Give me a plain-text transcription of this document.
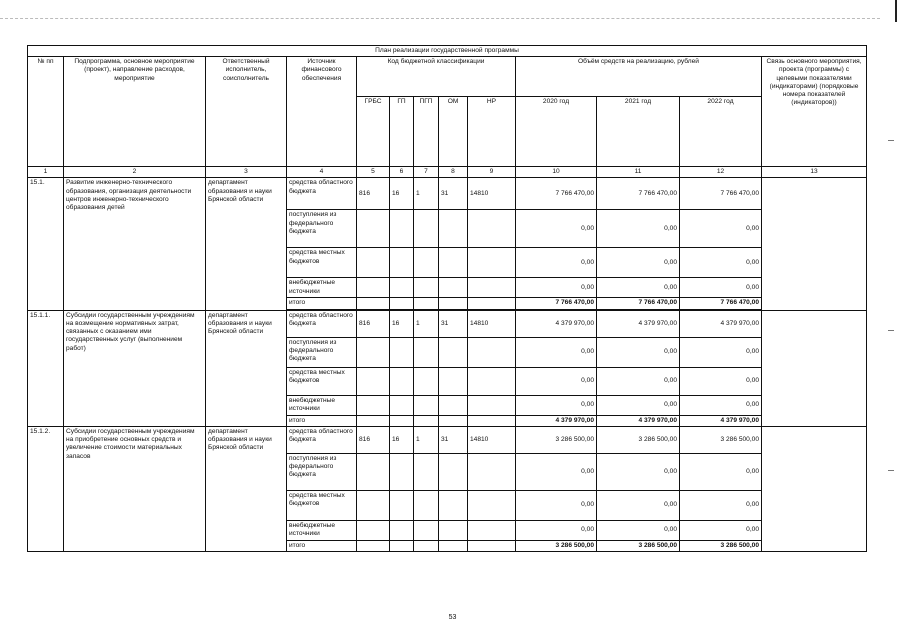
План реализации государственной программы												
№ пп	Подпрограмма, основное мероприятие (проект), направление расходов, мероприятие	Ответственный исполнитель, соисполнитель	Источник финансового обеспечения	Код бюджетной классификации					Объём средств на реализацию, рублей			Связь основного мероприятия, проекта (программы) с целевыми показателями (индикаторами) (порядковые номера показателей (индикаторов))
				ГРБС	ГП	ПГП	ОМ	НР	2020 год	2021 год	2022 год	
1	2	3	4	5	6	7	8	9	10	11	12	13
15.1.	Развитие инженерно-технического образования, организация деятельности центров инженерно-технического образования детей	департамент образования и науки Брянской области	средства областного бюджета	816	16	1	31	14810	7 766 470,00	7 766 470,00	7 766 470,00	
			поступления из федерального бюджета						0,00	0,00	0,00	
			средства местных бюджетов						0,00	0,00	0,00	
			внебюджетные источники						0,00	0,00	0,00	
			итого						7 766 470,00	7 766 470,00	7 766 470,00	

15.1.1.	Субсидии государственным учреждениям на возмещение нормативных затрат, связанных с оказанием ими государственных услуг (выполнением работ)	департамент образования и науки Брянской области	средства областного бюджета	816	16	1	31	14810	4 379 970,00	4 379 970,00	4 379 970,00	
			поступления из федерального бюджета						0,00	0,00	0,00	
			средства местных бюджетов						0,00	0,00	0,00	
			внебюджетные источники						0,00	0,00	0,00	
			итого						4 379 970,00	4 379 970,00	4 379 970,00	
15.1.2.	Субсидии государственным учреждениям на приобретение основных средств и увеличение стоимости материальных запасов	департамент образования и науки Брянской области	средства областного бюджета	816	16	1	31	14810	3 286 500,00	3 286 500,00	3 286 500,00	
			поступления из федерального бюджета						0,00	0,00	0,00	
			средства местных бюджетов						0,00	0,00	0,00	
			внебюджетные источники						0,00	0,00	0,00	
			итого						3 286 500,00	3 286 500,00	3 286 500,00	
53
